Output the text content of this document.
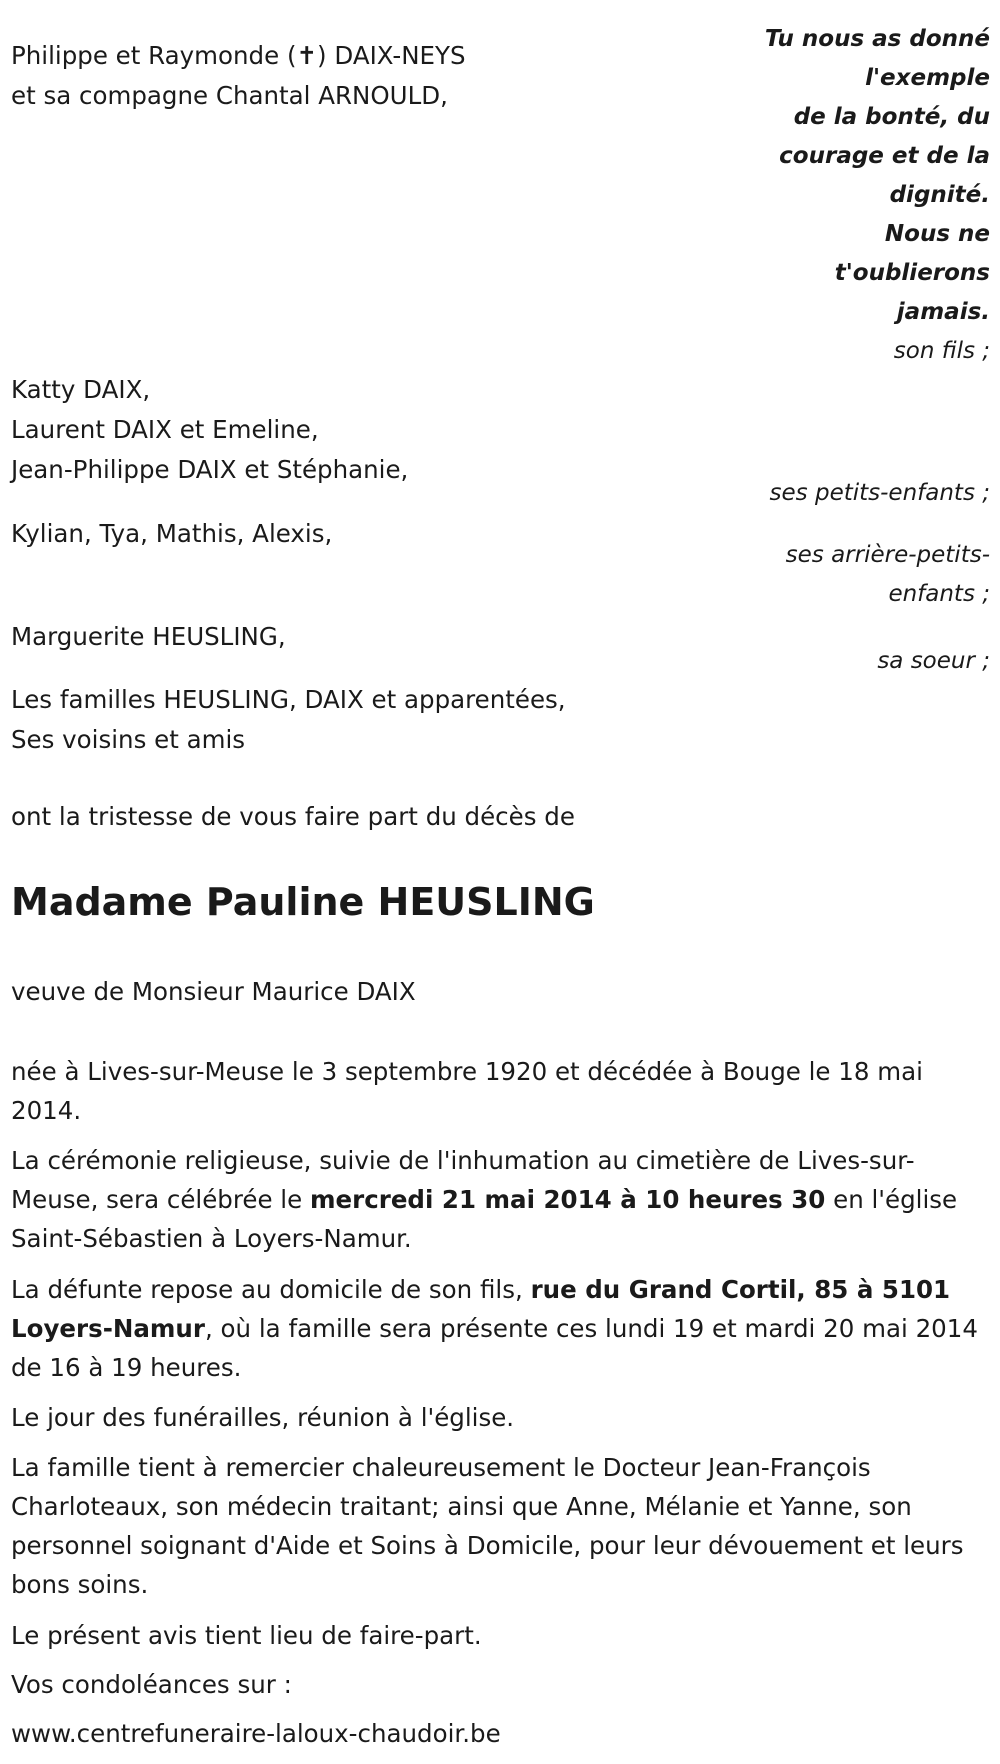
Philippe et Raymonde (✝) DAIX-NEYS
et sa compagne Chantal ARNOULD,
Katty DAIX,
Laurent DAIX et Emeline,
Jean-Philippe DAIX et Stéphanie,
Kylian, Tya, Mathis, Alexis,
Marguerite HEUSLING,
Les familles HEUSLING, DAIX et apparentées,
Ses voisins et amis
Tu nous as donné
l'exemple
de la bonté, du
courage et de la
dignité.
Nous ne
t'oublierons
jamais.
son fils ;
ses petits-enfants ;
ses arrière-petits-
enfants ;
sa soeur ;
ont la tristesse de vous faire part du décès de
Madame Pauline HEUSLING
veuve de Monsieur Maurice DAIX
née à Lives-sur-Meuse le 3 septembre 1920 et décédée à Bouge le 18 mai 2014.
La cérémonie religieuse, suivie de l'inhumation au cimetière de Lives-sur-Meuse, sera célébrée le mercredi 21 mai 2014 à 10 heures 30 en l'église Saint-Sébastien à Loyers-Namur.
La défunte repose au domicile de son fils, rue du Grand Cortil, 85 à 5101 Loyers-Namur, où la famille sera présente ces lundi 19 et mardi 20 mai 2014 de 16 à 19 heures.
Le jour des funérailles, réunion à l'église.
La famille tient à remercier chaleureusement le Docteur Jean-François Charloteaux, son médecin traitant; ainsi que Anne, Mélanie et Yanne, son personnel soignant d'Aide et Soins à Domicile, pour leur dévouement et leurs bons soins.
Le présent avis tient lieu de faire-part.
Vos condoléances sur :
www.centrefuneraire-laloux-chaudoir.be
